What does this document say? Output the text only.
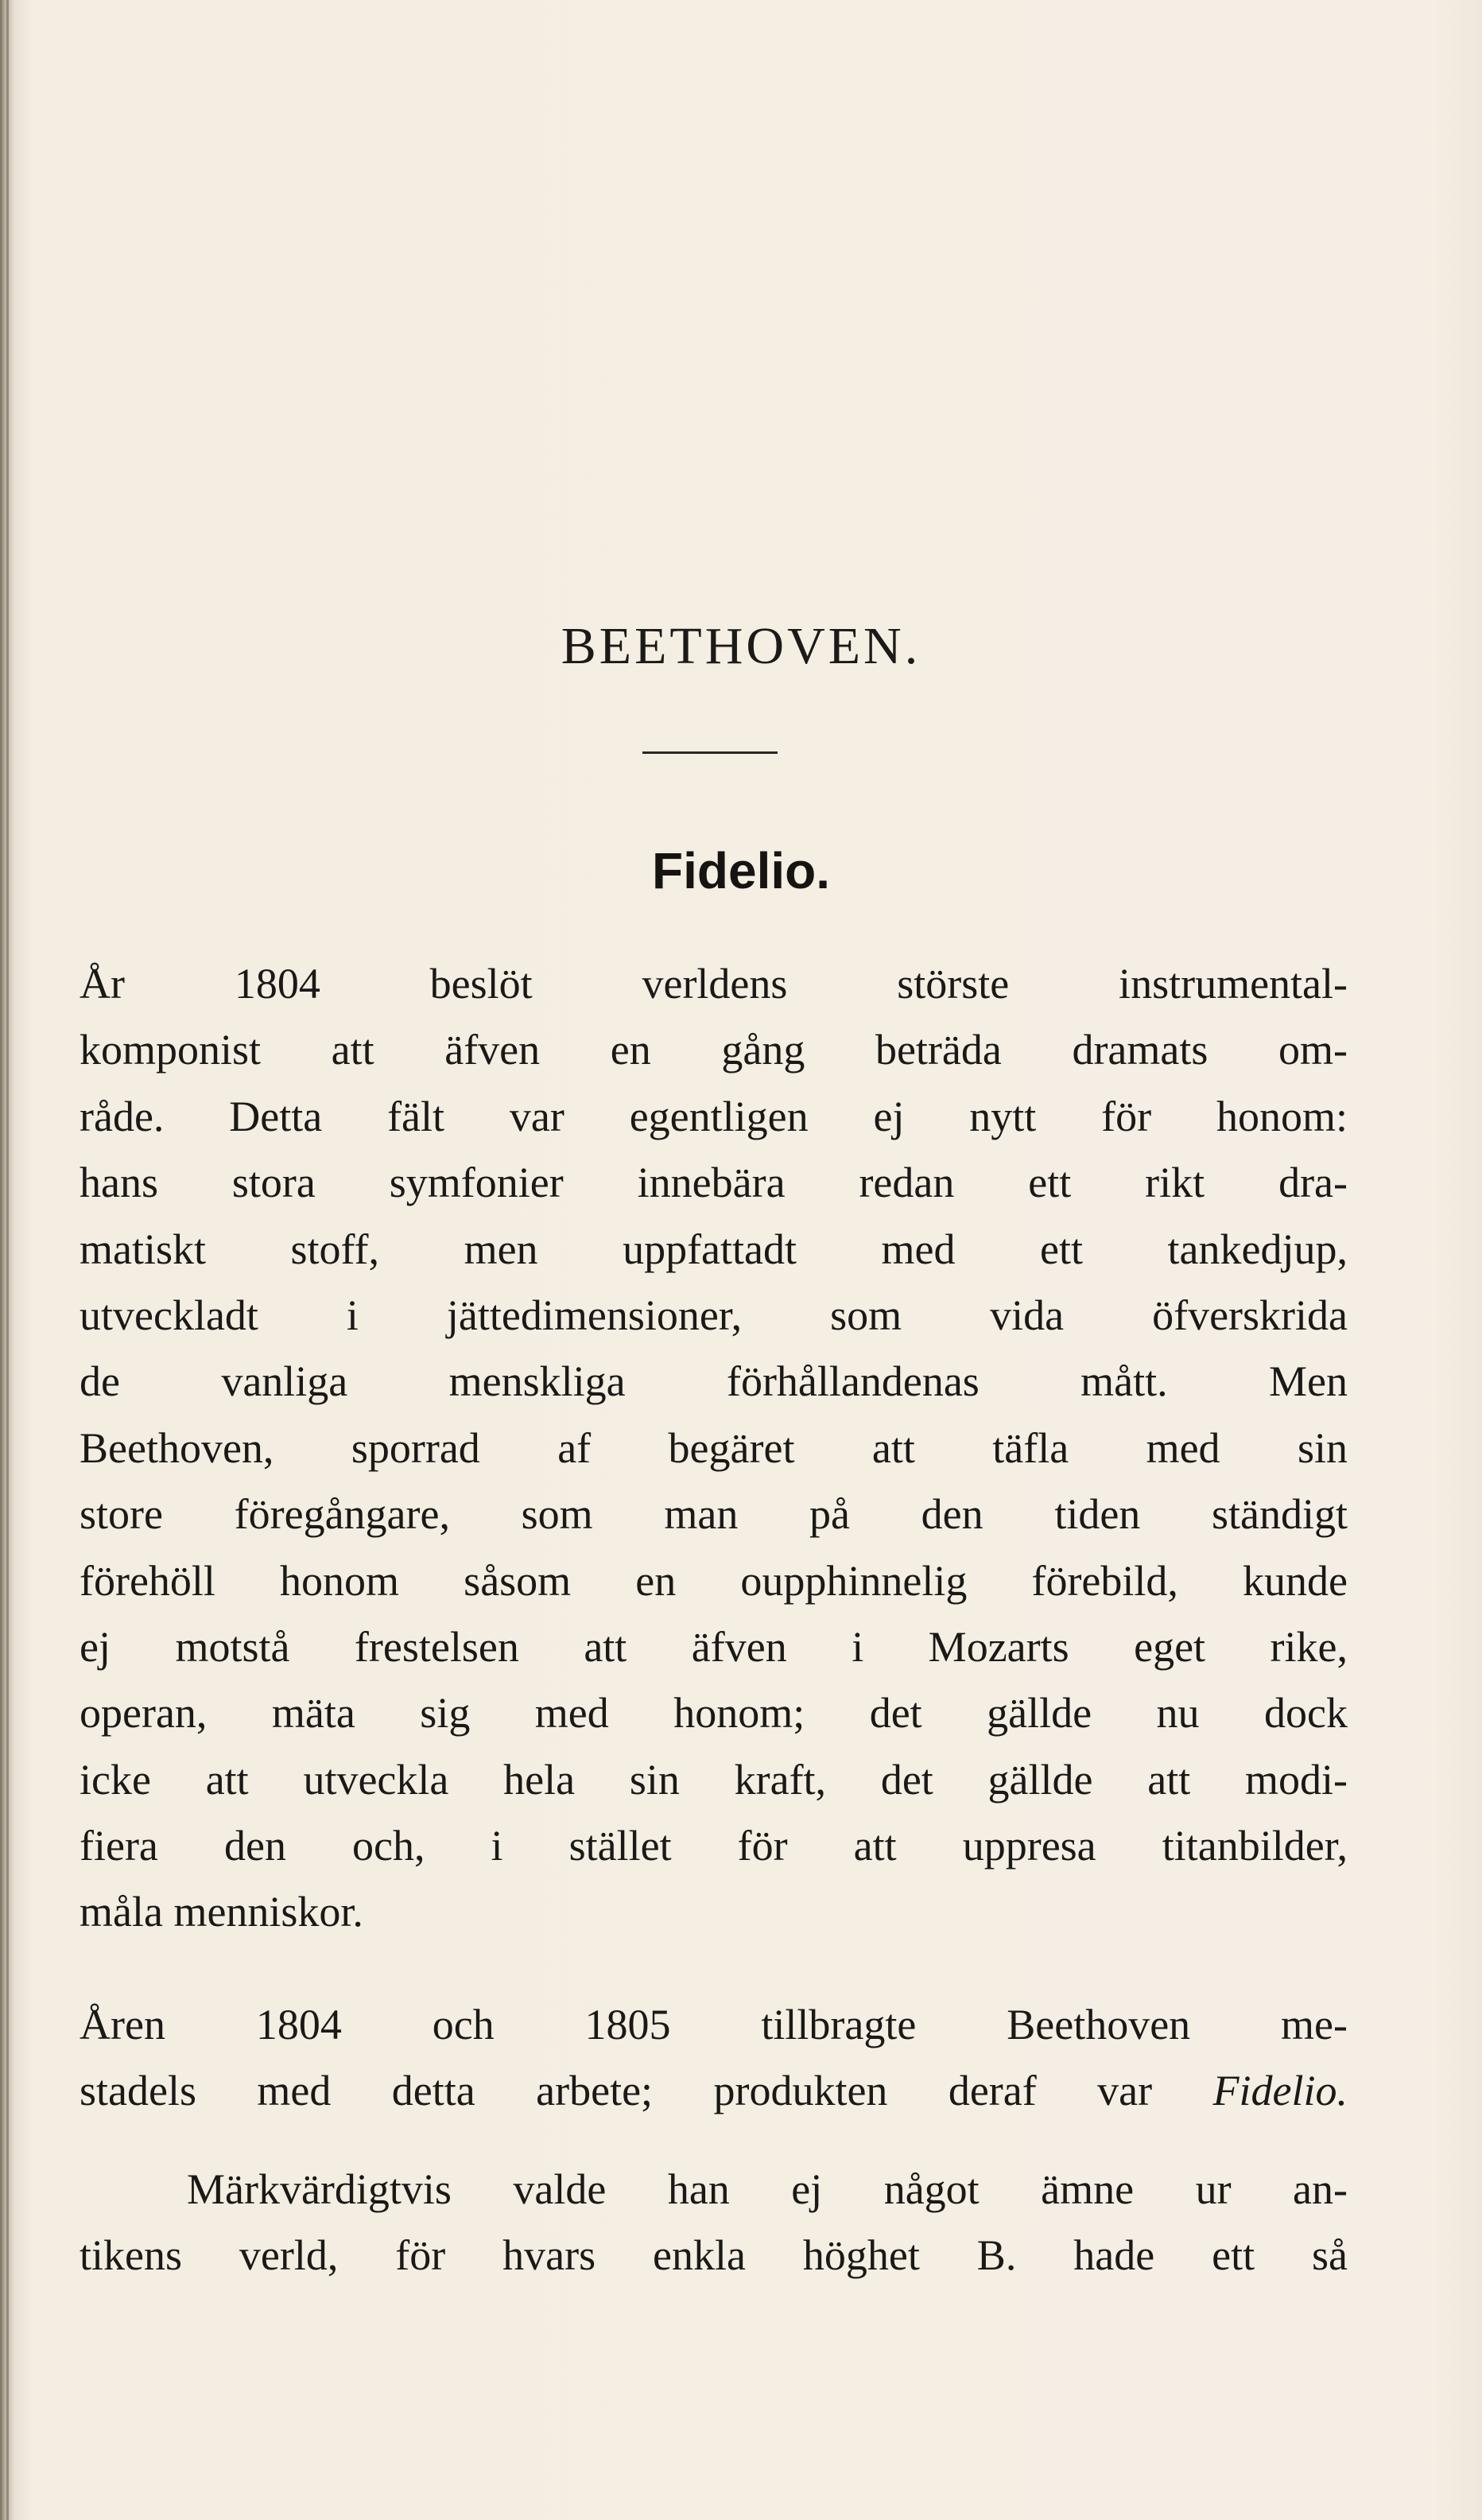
BEETHOVEN.
Fidelio.
År 1804 beslöt verldens störste instrumental-
komponist att äfven en gång beträda dramats om-
råde. Detta fält var egentligen ej nytt för honom:
hans stora symfonier innebära redan ett rikt dra-
matiskt stoff, men uppfattadt med ett tankedjup,
utveckladt i jättedimensioner, som vida öfverskrida
de vanliga menskliga förhållandenas mått. Men
Beethoven, sporrad af begäret att täfla med sin
store föregångare, som man på den tiden ständigt
förehöll honom såsom en oupphinnelig förebild, kunde
ej motstå frestelsen att äfven i Mozarts eget rike,
operan, mäta sig med honom; det gällde nu dock
icke att utveckla hela sin kraft, det gällde att modi-
fiera den och, i stället för att uppresa titanbilder,
måla menniskor.
Åren 1804 och 1805 tillbragte Beethoven me-
stadels med detta arbete; produkten deraf var Fidelio.
Märkvärdigtvis valde han ej något ämne ur an-
tikens verld, för hvars enkla höghet B. hade ett så
